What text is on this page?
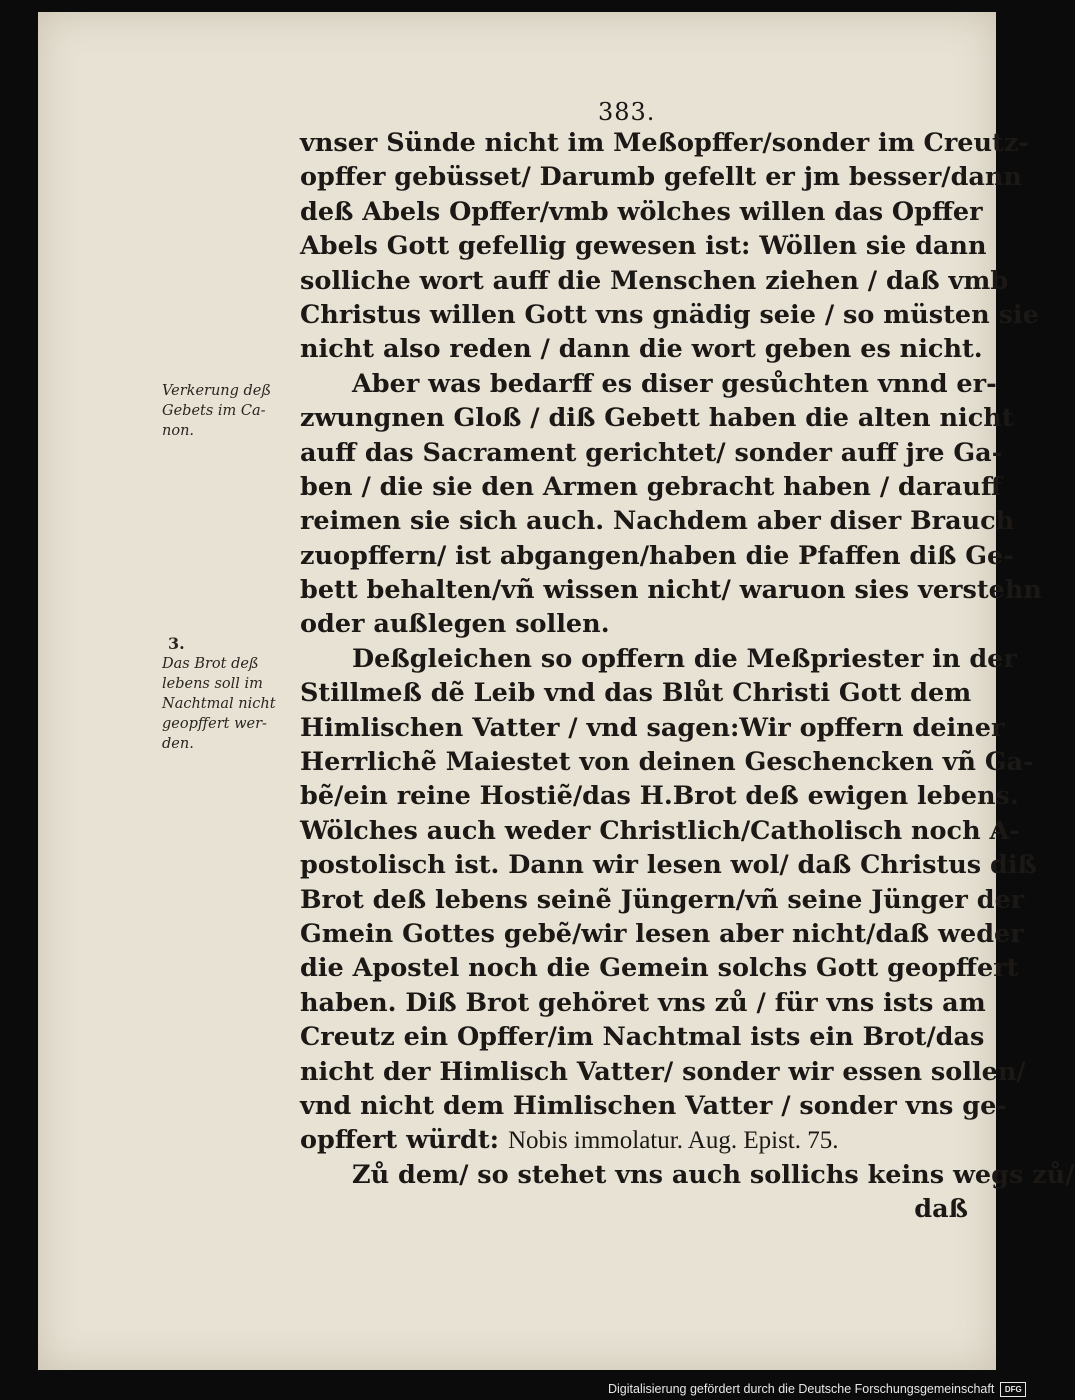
383.
Verkerung deß
Gebets im Ca-
non.
3.
Das Brot deß
lebens soll im
Nachtmal nicht
geopffert wer-
den.
vnser Sünde nicht im Meßopffer/sonder im Creutz-
opffer gebüsset/ Darumb gefellt er jm besser/dann
deß Abels Opffer/vmb wölches willen das Opffer
Abels Gott gefellig gewesen ist: Wöllen sie dann
solliche wort auff die Menschen ziehen / daß vmb
Christus willen Gott vns gnädig seie / so müsten sie
nicht also reden / dann die wort geben es nicht.
Aber was bedarff es diser gesůchten vnnd er-
zwungnen Gloß / diß Gebett haben die alten nicht
auff das Sacrament gerichtet/ sonder auff jre Ga-
ben / die sie den Armen gebracht haben / darauff
reimen sie sich auch. Nachdem aber diser Brauch
zuopffern/ ist abgangen/haben die Pfaffen diß Ge-
bett behalten/vñ wissen nicht/ waruon sies verstehn
oder außlegen sollen.
Deßgleichen so opffern die Meßpriester in der
Stillmeß dẽ Leib vnd das Blůt Christi Gott dem
Himlischen Vatter / vnd sagen:Wir opffern deiner
Herrlichẽ Maiestet von deinen Geschencken vñ Ga-
bẽ/ein reine Hostiẽ/das H.Brot deß ewigen lebens.
Wölches auch weder Christlich/Catholisch noch A-
postolisch ist. Dann wir lesen wol/ daß Christus diß
Brot deß lebens seinẽ Jüngern/vñ seine Jünger der
Gmein Gottes gebẽ/wir lesen aber nicht/daß weder
die Apostel noch die Gemein solchs Gott geopffert
haben. Diß Brot gehöret vns zů / für vns ists am
Creutz ein Opffer/im Nachtmal ists ein Brot/das
nicht der Himlisch Vatter/ sonder wir essen sollen/
vnd nicht dem Himlischen Vatter / sonder vns ge-
opffert würdt: Nobis immolatur. Aug. Epist. 75.
Zů dem/ so stehet vns auch sollichs keins wegs zů/
daß
Digitalisierung gefördert durch die Deutsche Forschungsgemeinschaft	DFG
